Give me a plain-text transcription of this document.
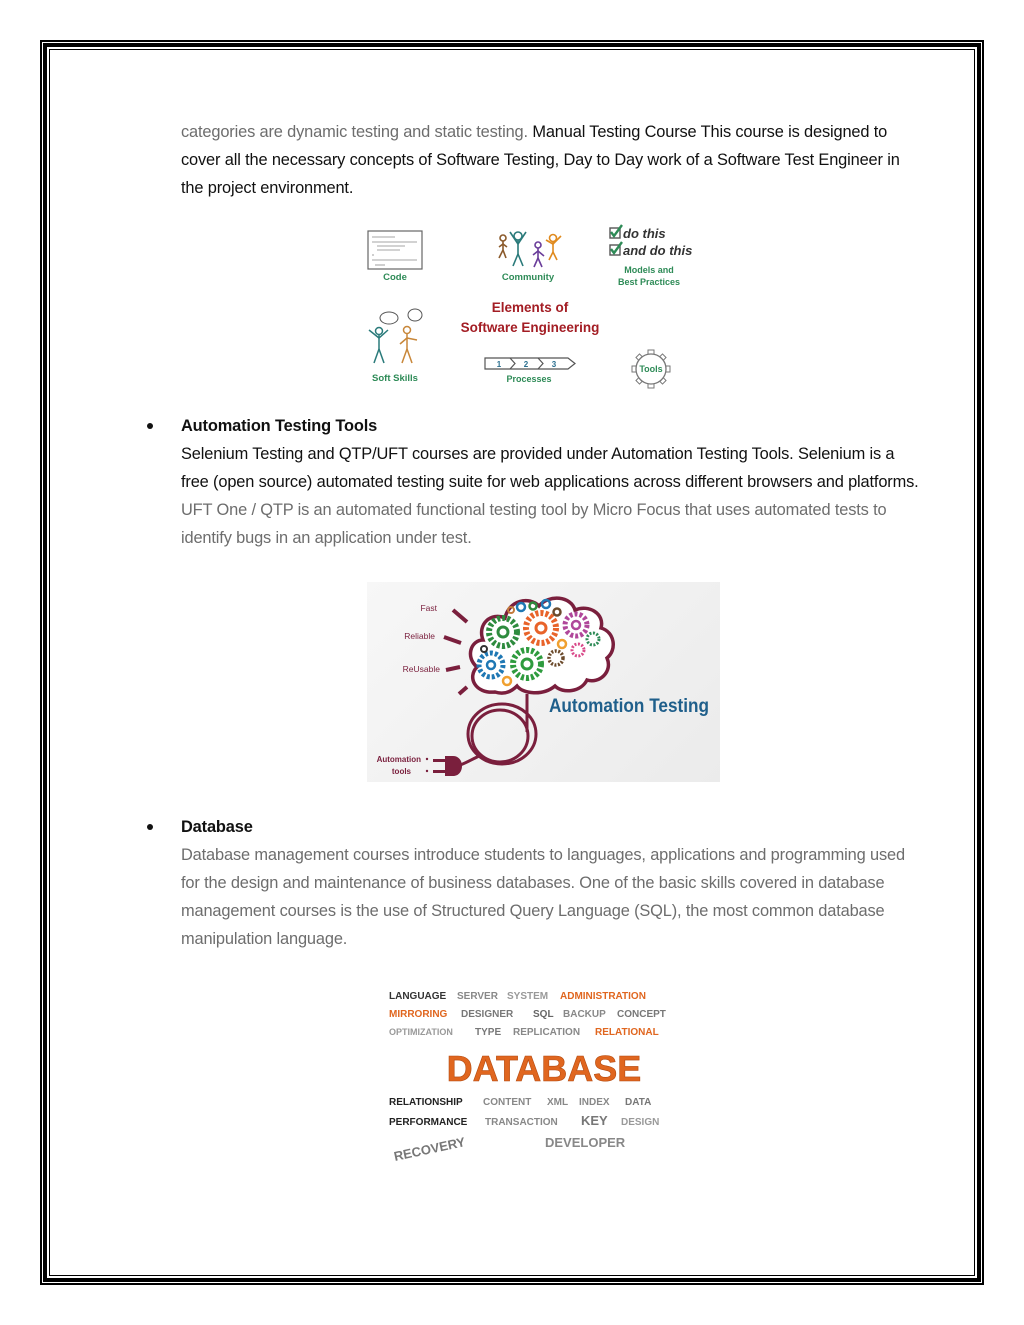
categories are dynamic testing and static testing. Manual Testing Course This course is designed to cover all the necessary concepts of Software Testing, Day to Day work of a Software Test Engineer in the project environment.

Code	Community
do this
and do this
Models and
Best Practices
Elements of
Software Engineering
Soft Skills
1	2	3
Processes
Tools
Automation Testing Tools

Selenium Testing and QTP/UFT courses are provided under Automation Testing Tools. Selenium is a free (open source) automated testing suite for web applications across different browsers and platforms. UFT One / QTP is an automated functional testing tool by Micro Focus that uses automated tests to identify bugs in an application under test.

Fast
Reliable
ReUsable
Automation
tools
Automation Testing
Database

Database management courses introduce students to languages, applications and programming used for the design and maintenance of business databases. One of the basic skills covered in database management courses is the use of Structured Query Language (SQL), the most common database manipulation language.

LANGUAGE SERVER SYSTEM ADMINISTRATION
MIRRORING DESIGNER SQL BACKUP CONCEPT
OPTIMIZATION TYPE REPLICATION RELATIONAL
DATABASE
RELATIONSHIP CONTENT XML INDEX DATA
PERFORMANCE TRANSACTION KEY DESIGN
DEVELOPER
RECOVERY
